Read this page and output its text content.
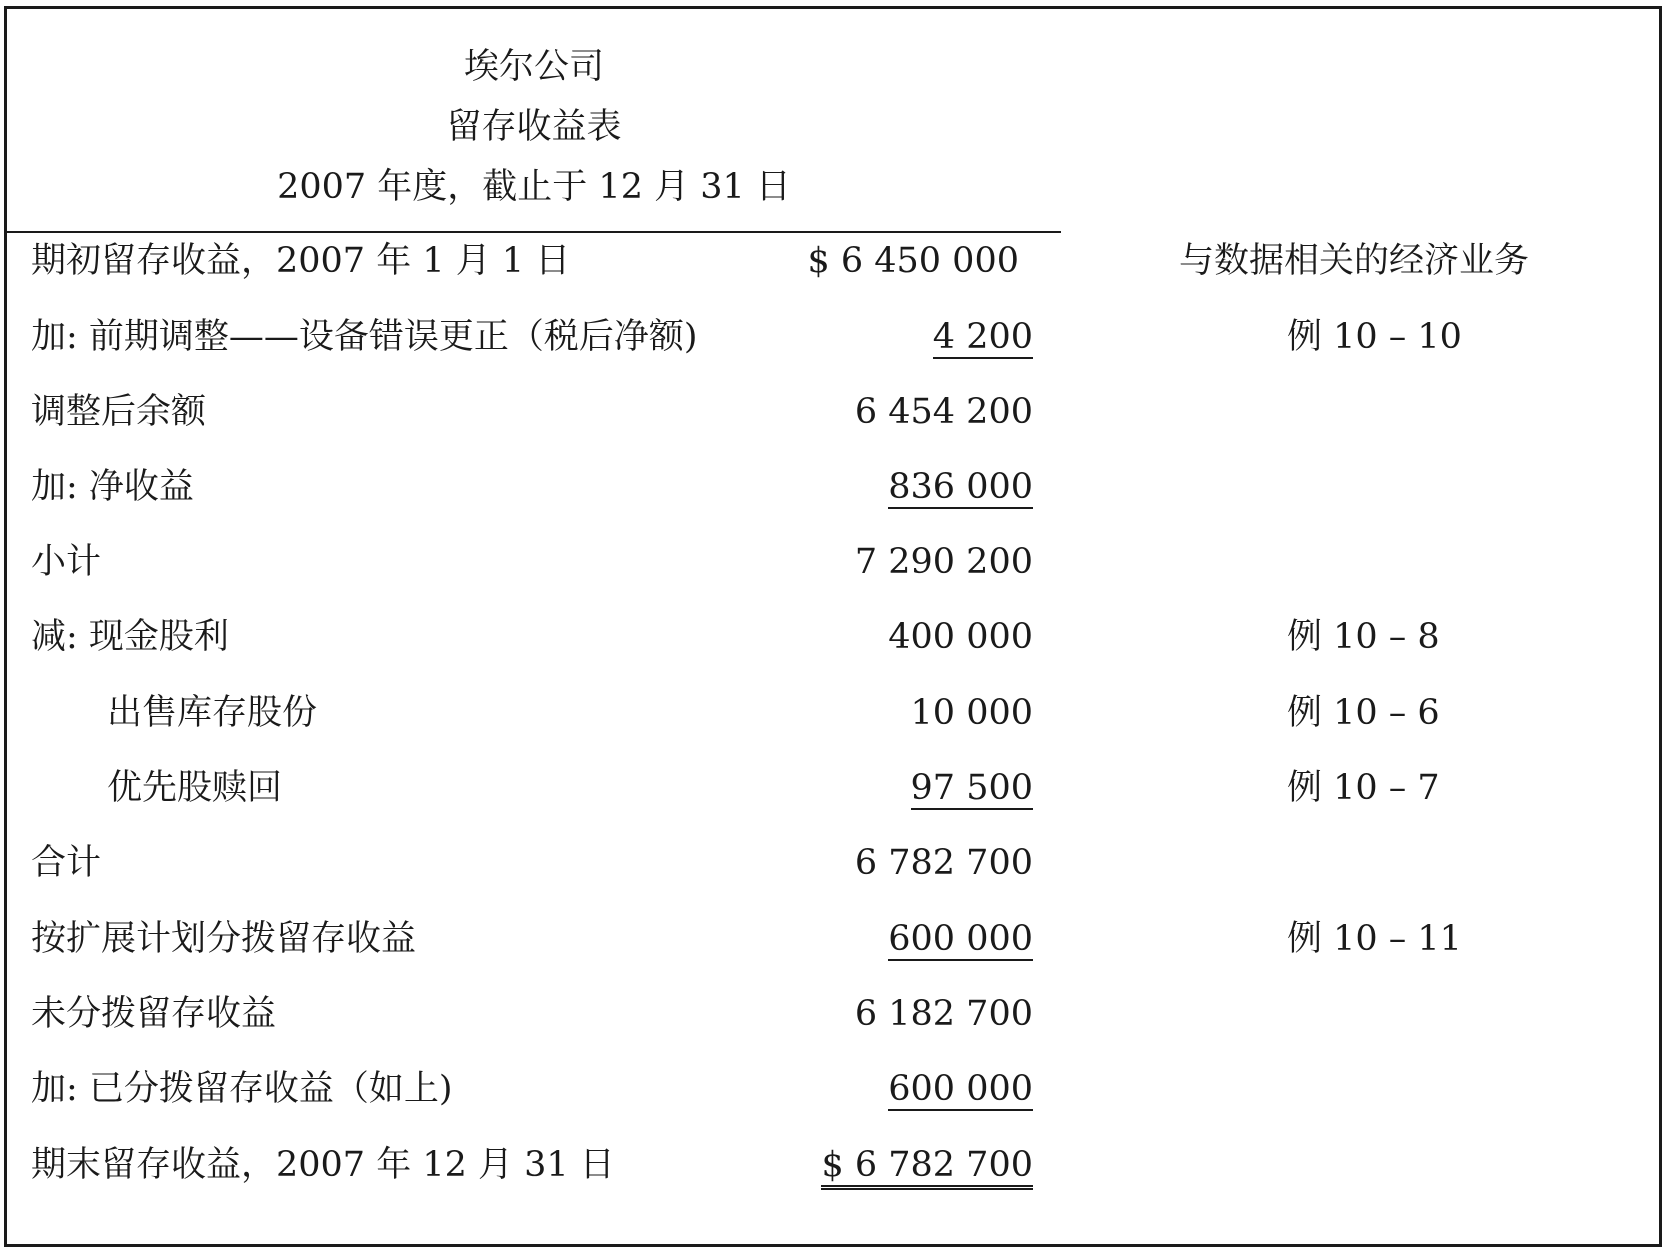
埃尔公司
留存收益表
2007 年度，截止于 12 月 31 日
期初留存收益，2007 年 1 月 1 日	$ 6 450 000	与数据相关的经济业务
加: 前期调整——设备错误更正（税后净额)	4 200	例 10 – 10
调整后余额	6 454 200
加: 净收益	836 000
小计	7 290 200
减: 现金股利	400 000	例 10 – 8
出售库存股份	10 000	例 10 – 6
优先股赎回	97 500	例 10 – 7
合计	6 782 700
按扩展计划分拨留存收益	600 000	例 10 – 11
未分拨留存收益	6 182 700
加: 已分拨留存收益（如上)	600 000
期末留存收益，2007 年 12 月 31 日	$ 6 782 700
